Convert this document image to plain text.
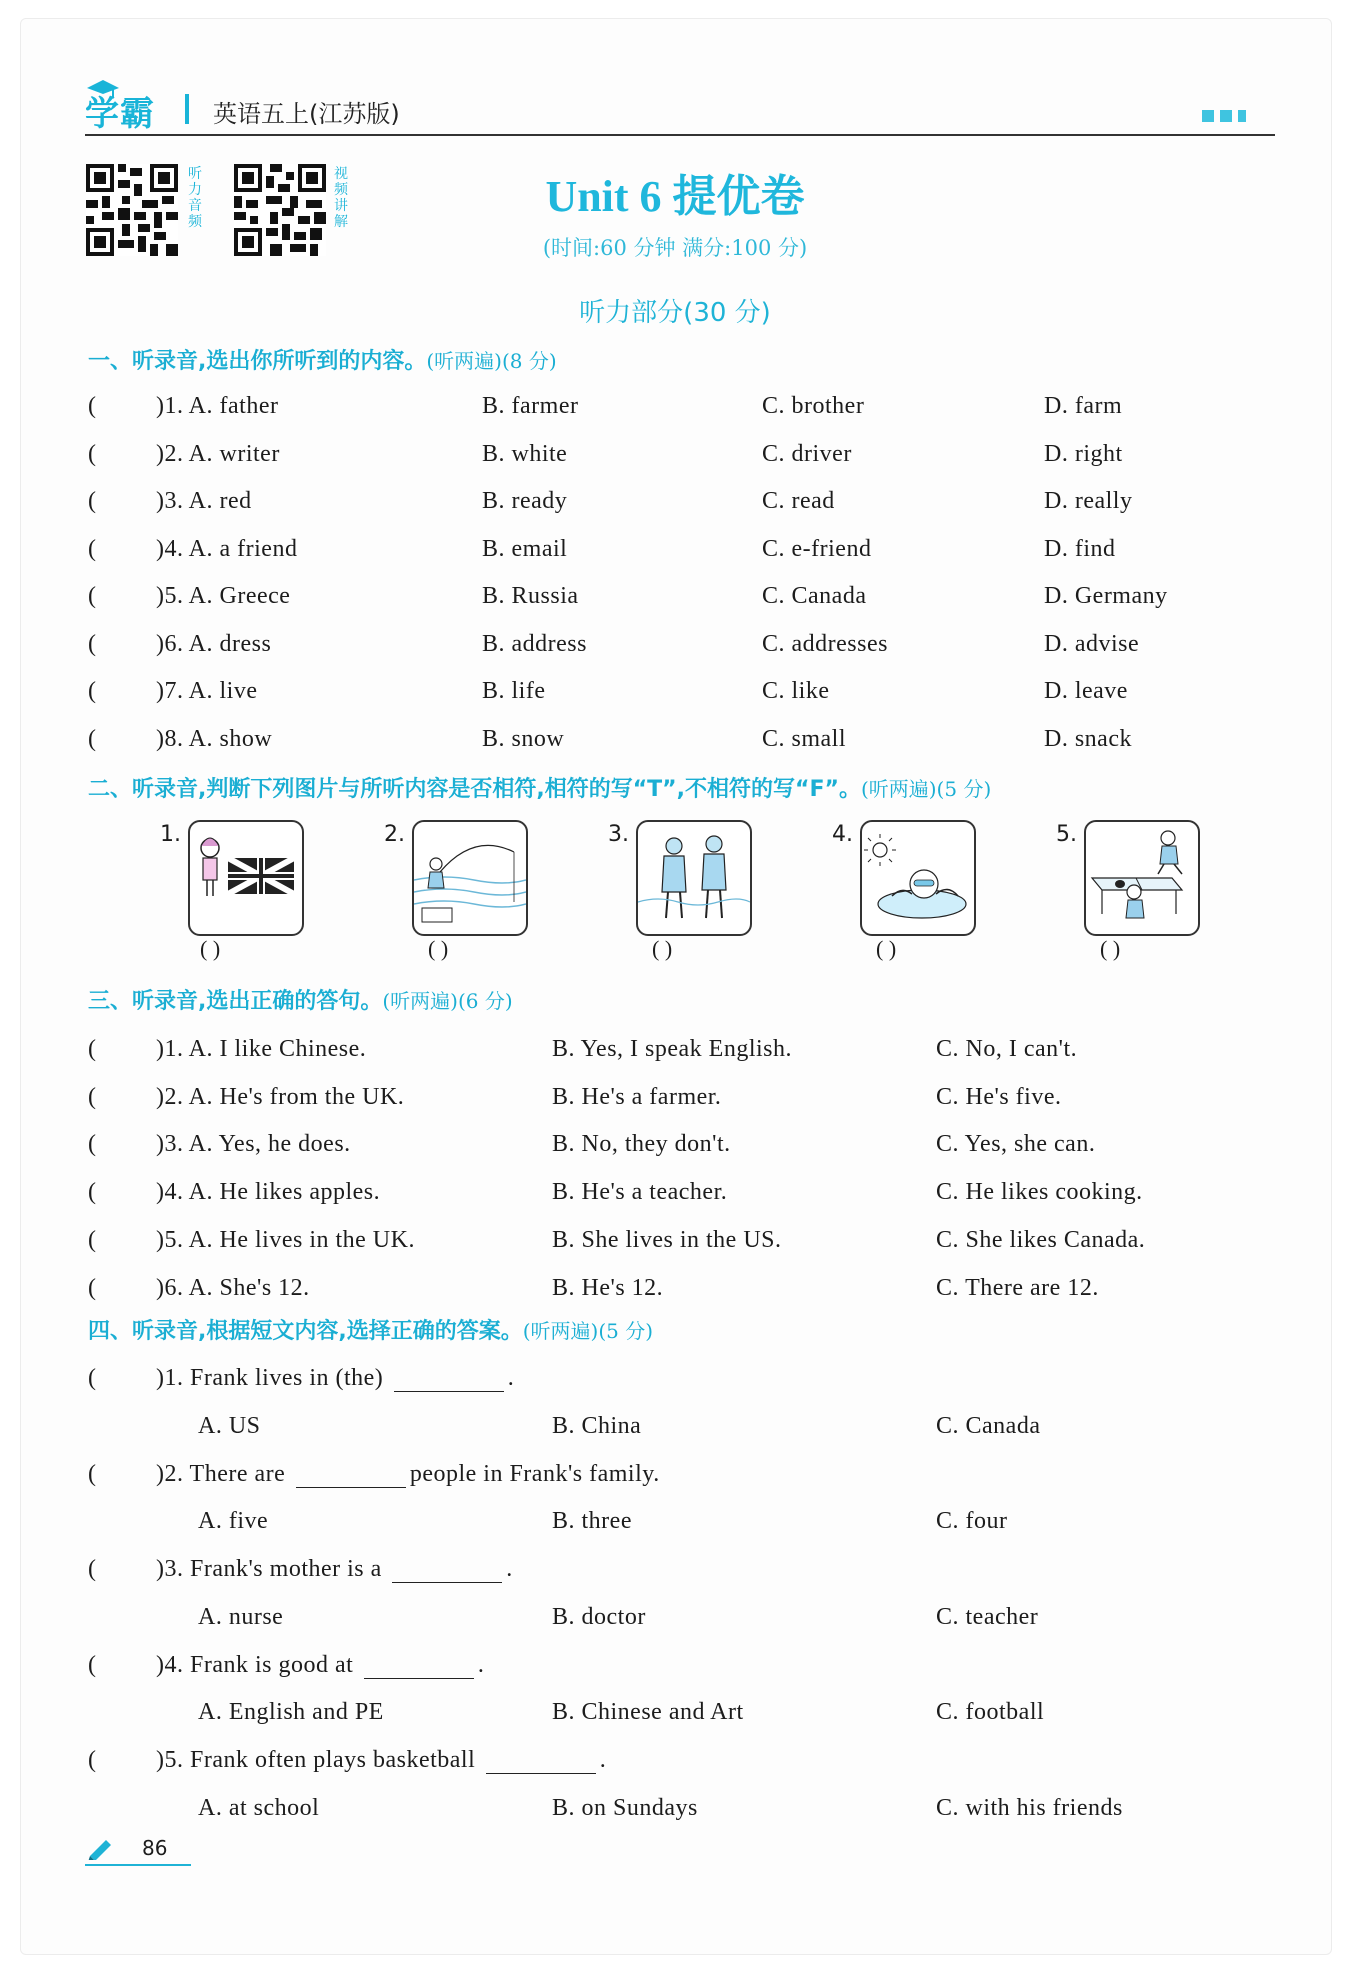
学霸 英语五上(江苏版)
听力音频
视频讲解
Unit 6 提优卷
(时间:60 分钟 满分:100 分)
听力部分(30 分)
一、听录音,选出你所听到的内容。(听两遍)(8 分)
二、听录音,判断下列图片与所听内容是否相符,相符的写“T”,不相符的写“F”。(听两遍)(5 分)
1.
( )
2.
( )
3.
( )
4.
( )
5.
( )
三、听录音,选出正确的答句。(听两遍)(6 分)
四、听录音,根据短文内容,选择正确的答案。(听两遍)(5 分)
86
( )1. A. father	B. farmer	C. brother	D. farm
( )2. A. writer	B. white	C. driver	D. right
( )3. A. red	B. ready	C. read	D. really
( )4. A. a friend	B. email	C. e-friend	D. find
( )5. A. Greece	B. Russia	C. Canada	D. Germany
( )6. A. dress	B. address	C. addresses	D. advise
( )7. A. live	B. life	C. like	D. leave
( )8. A. show	B. snow	C. small	D. snack
( )1. A. I like Chinese.	B. Yes, I speak English.	C. No, I can't.
( )2. A. He's from the UK.	B. He's a farmer.	C. He's five.
( )3. A. Yes, he does.	B. No, they don't.	C. Yes, she can.
( )4. A. He likes apples.	B. He's a teacher.	C. He likes cooking.
( )5. A. He lives in the UK.	B. She lives in the US.	C. She likes Canada.
( )6. A. She's 12.	B. He's 12.	C. There are 12.
( )1. Frank lives in (the)	.
A. US	B. China	C. Canada
( )2. There are	people in Frank's family.
A. five	B. three	C. four
( )3. Frank's mother is a	.
A. nurse	B. doctor	C. teacher
( )4. Frank is good at	.
A. English and PE	B. Chinese and Art	C. football
( )5. Frank often plays basketball	.
A. at school	B. on Sundays	C. with his friends
